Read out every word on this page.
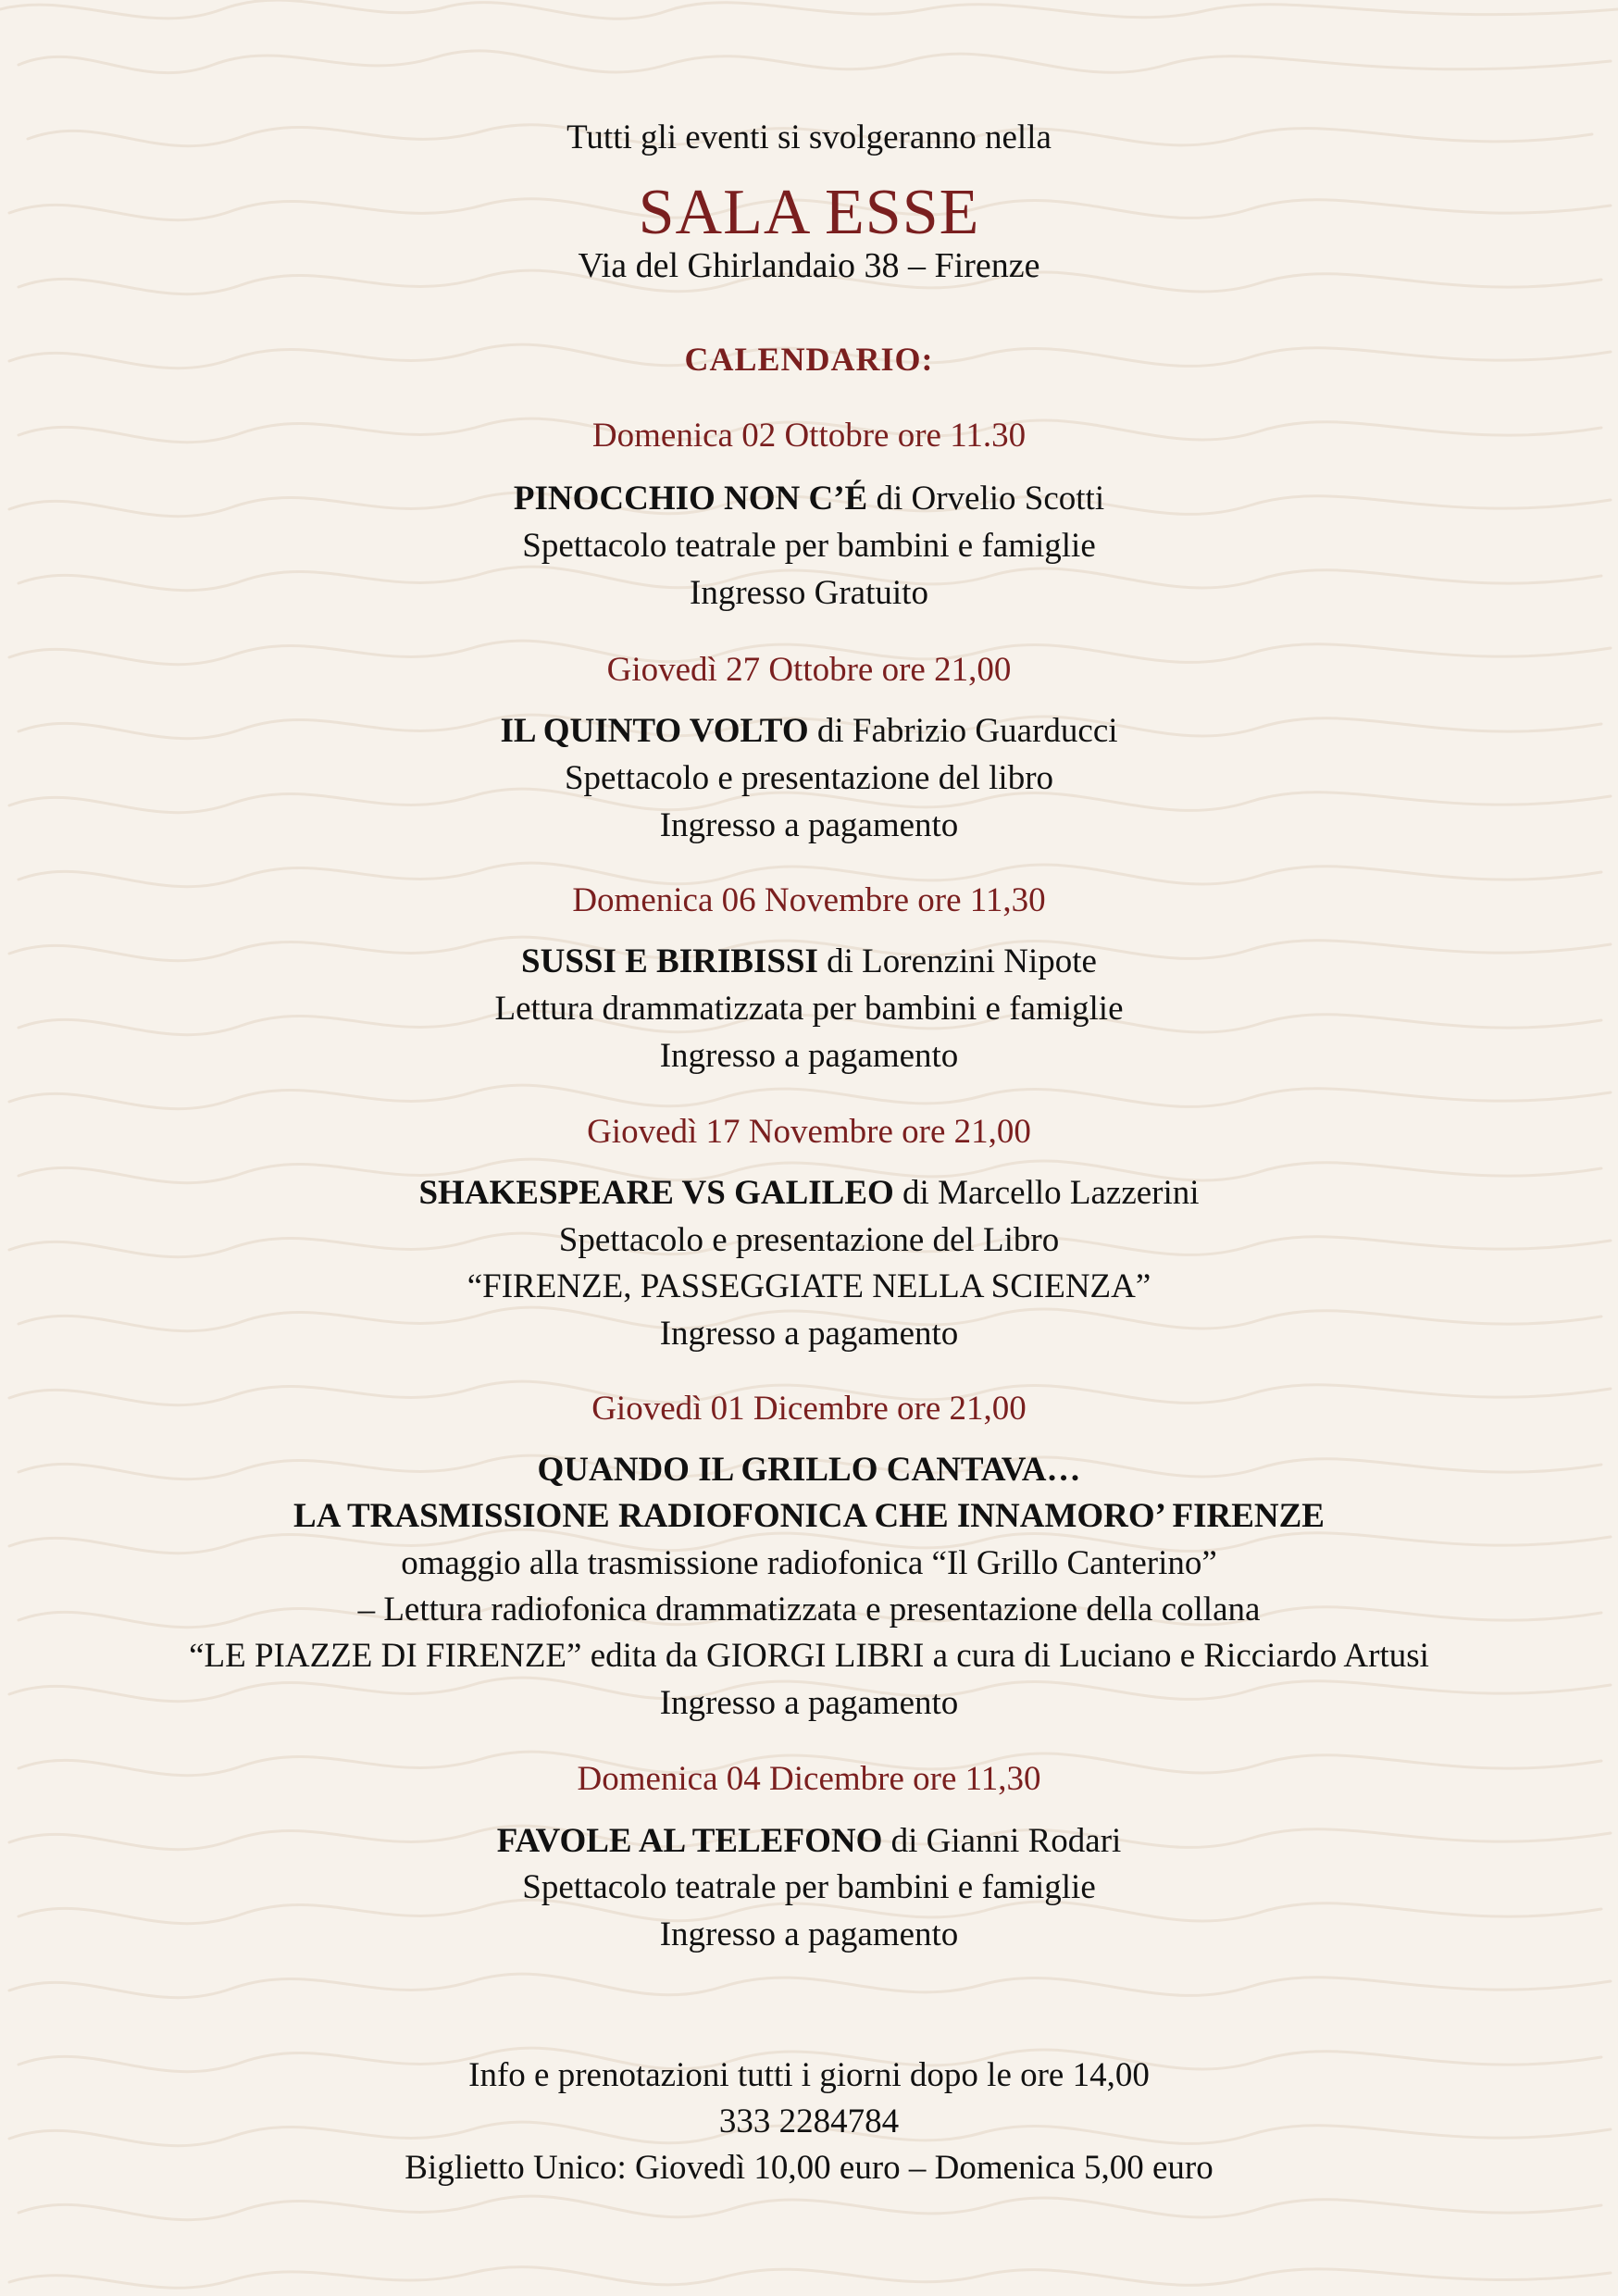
Tutti gli eventi si svolgeranno nella
SALA ESSE
Via del Ghirlandaio 38 – Firenze
CALENDARIO:
Domenica 02 Ottobre ore 11.30
PINOCCHIO NON C’É di Orvelio Scotti
Spettacolo teatrale per bambini e famiglie
Ingresso Gratuito
Giovedì 27 Ottobre ore 21,00
IL QUINTO VOLTO di Fabrizio Guarducci
Spettacolo e presentazione del libro
Ingresso a pagamento
Domenica 06 Novembre ore 11,30
SUSSI E BIRIBISSI di Lorenzini Nipote
Lettura drammatizzata per bambini e famiglie
Ingresso a pagamento
Giovedì 17 Novembre ore 21,00
SHAKESPEARE VS GALILEO di Marcello Lazzerini
Spettacolo e presentazione del Libro
“FIRENZE, PASSEGGIATE NELLA SCIENZA”
Ingresso a pagamento
Giovedì 01 Dicembre ore 21,00
QUANDO IL GRILLO CANTAVA…
LA TRASMISSIONE RADIOFONICA CHE INNAMORO’ FIRENZE
omaggio alla trasmissione radiofonica “Il Grillo Canterino”
– Lettura radiofonica drammatizzata e presentazione della collana
“LE PIAZZE DI FIRENZE” edita da GIORGI LIBRI a cura di Luciano e Ricciardo Artusi
Ingresso a pagamento
Domenica 04 Dicembre ore 11,30
FAVOLE AL TELEFONO di Gianni Rodari
Spettacolo teatrale per bambini e famiglie
Ingresso a pagamento
Info e prenotazioni tutti i giorni dopo le ore 14,00
333 2284784
Biglietto Unico: Giovedì 10,00 euro – Domenica 5,00 euro
